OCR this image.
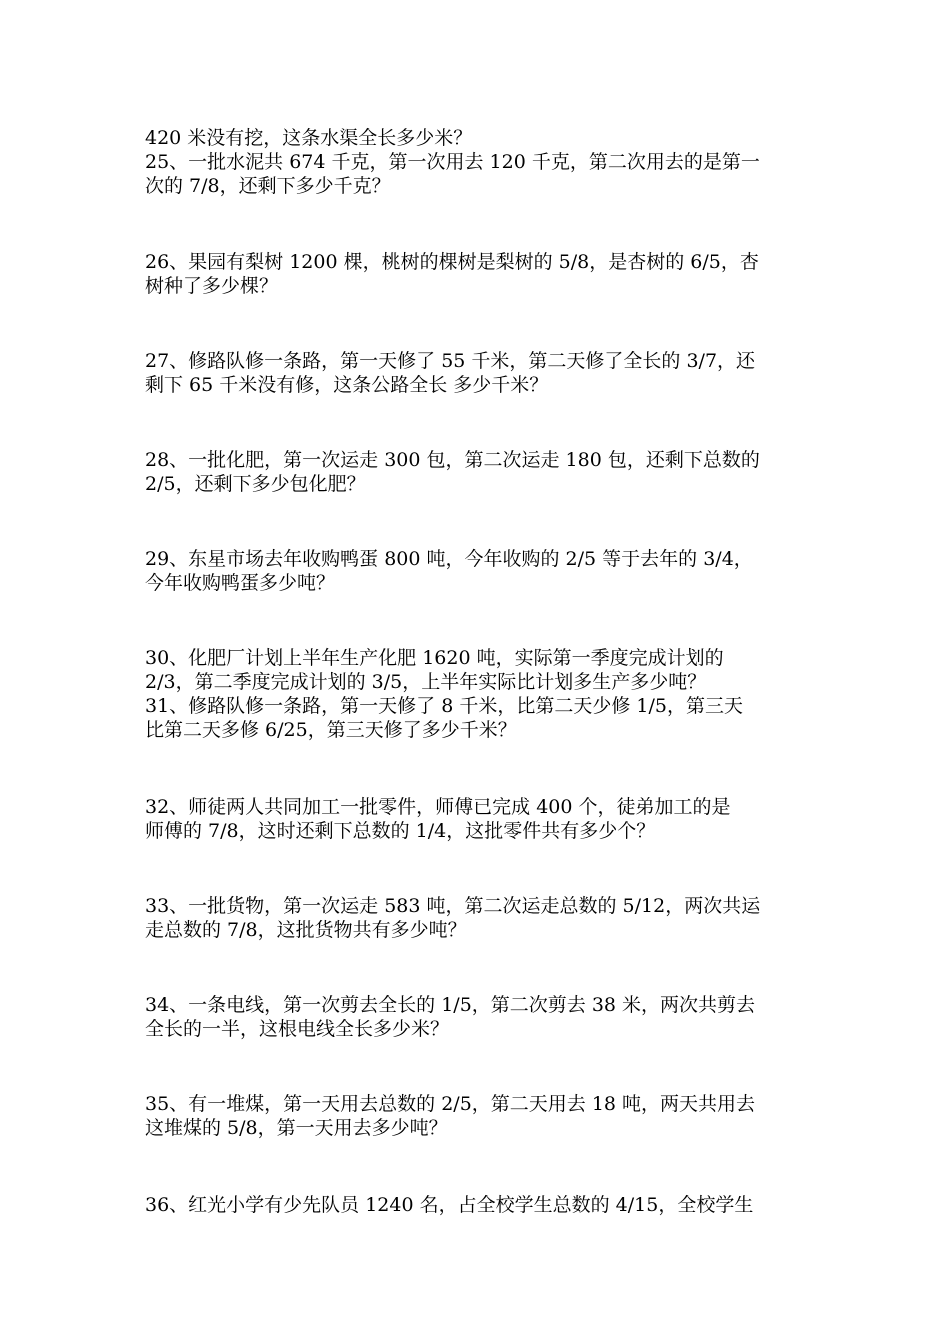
420 米没有挖，这条水渠全长多少米？
25、一批水泥共 674 千克，第一次用去 120 千克，第二次用去的是第一
次的 7/8，还剩下多少千克？
26、果园有梨树 1200 棵，桃树的棵树是梨树的 5/8，是杏树的 6/5，杏
树种了多少棵？
27、修路队修一条路，第一天修了 55 千米，第二天修了全长的 3/7，还
剩下 65 千米没有修，这条公路全长 多少千米？
28、一批化肥，第一次运走 300 包，第二次运走 180 包，还剩下总数的
2/5，还剩下多少包化肥？
29、东星市场去年收购鸭蛋 800 吨，今年收购的 2/5 等于去年的 3/4，
今年收购鸭蛋多少吨？
30、化肥厂计划上半年生产化肥 1620 吨，实际第一季度完成计划的
2/3，第二季度完成计划的 3/5，上半年实际比计划多生产多少吨？
31、修路队修一条路，第一天修了 8 千米，比第二天少修 1/5，第三天
比第二天多修 6/25，第三天修了多少千米？
32、师徒两人共同加工一批零件，师傅已完成 400 个，徒弟加工的是
师傅的 7/8，这时还剩下总数的 1/4，这批零件共有多少个？
33、一批货物，第一次运走 583 吨，第二次运走总数的 5/12，两次共运
走总数的 7/8，这批货物共有多少吨？
34、一条电线，第一次剪去全长的 1/5，第二次剪去 38 米，两次共剪去
全长的一半，这根电线全长多少米？
35、有一堆煤，第一天用去总数的 2/5，第二天用去 18 吨，两天共用去
这堆煤的 5/8，第一天用去多少吨？
36、红光小学有少先队员 1240 名，占全校学生总数的 4/15，全校学生
